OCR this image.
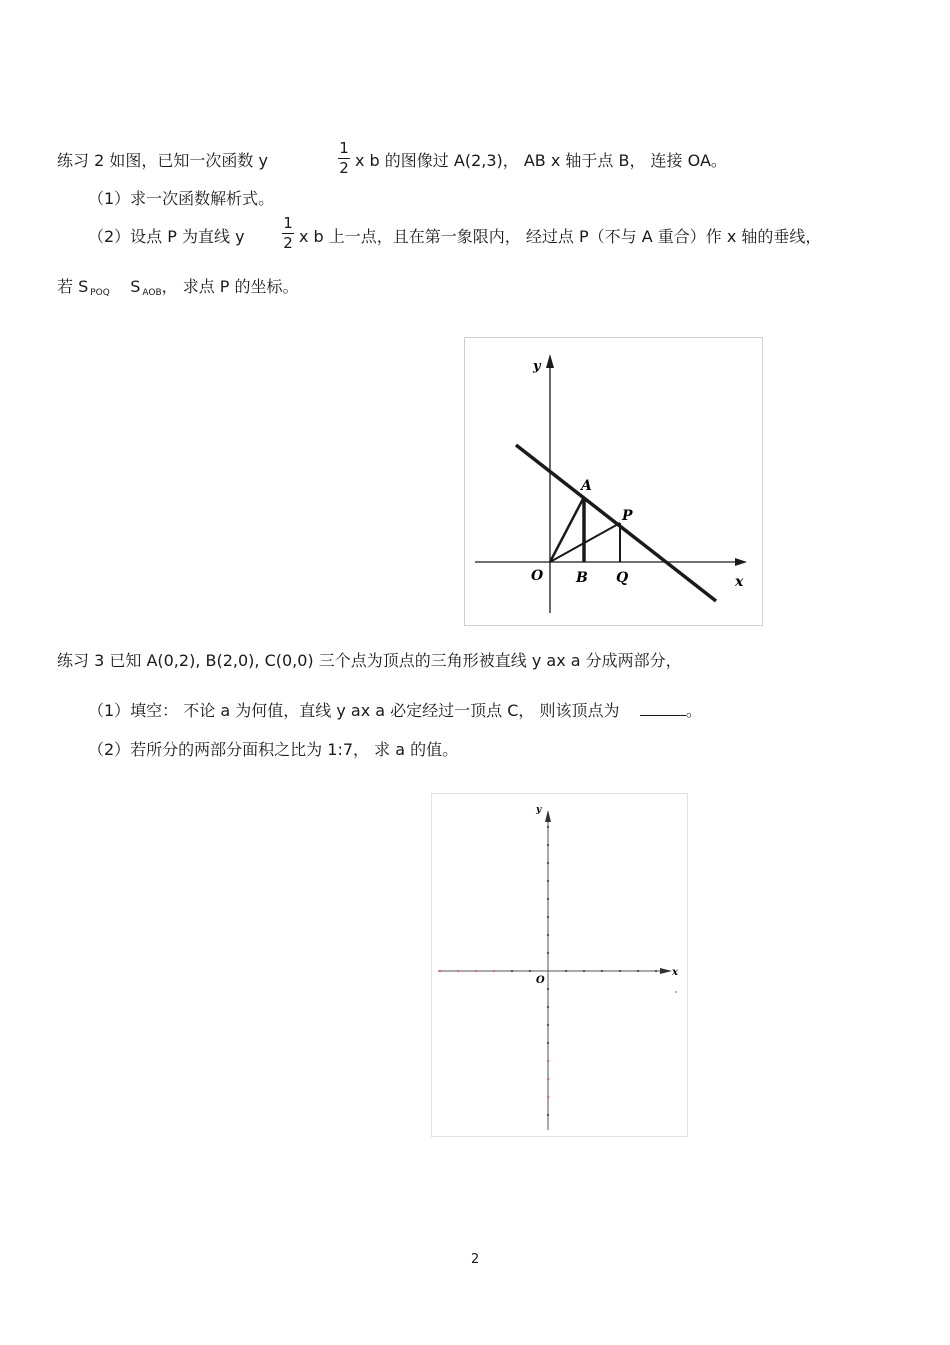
练习 2 如图，已知一次函数 y
1
2 x b 的图像过 A(2,3)， AB x 轴于点 B， 连接 OA。
（1）求一次函数解析式。
（2）设点 P 为直线 y
1
2 x b 上一点，且在第一象限内， 经过点 P（不与 A 重合）作 x 轴的垂线，
若 S POQ S AOB， 求点 P 的坐标。
y
x
O
A
B
P
Q
练习 3 已知 A(0,2), B(2,0), C(0,0) 三个点为顶点的三角形被直线 y ax a 分成两部分，
（1）填空： 不论 a 为何值，直线 y ax a 必定经过一顶点 C， 则该顶点为	。
（2）若所分的两部分面积之比为 1:7， 求 a 的值。
y
x
O
2
